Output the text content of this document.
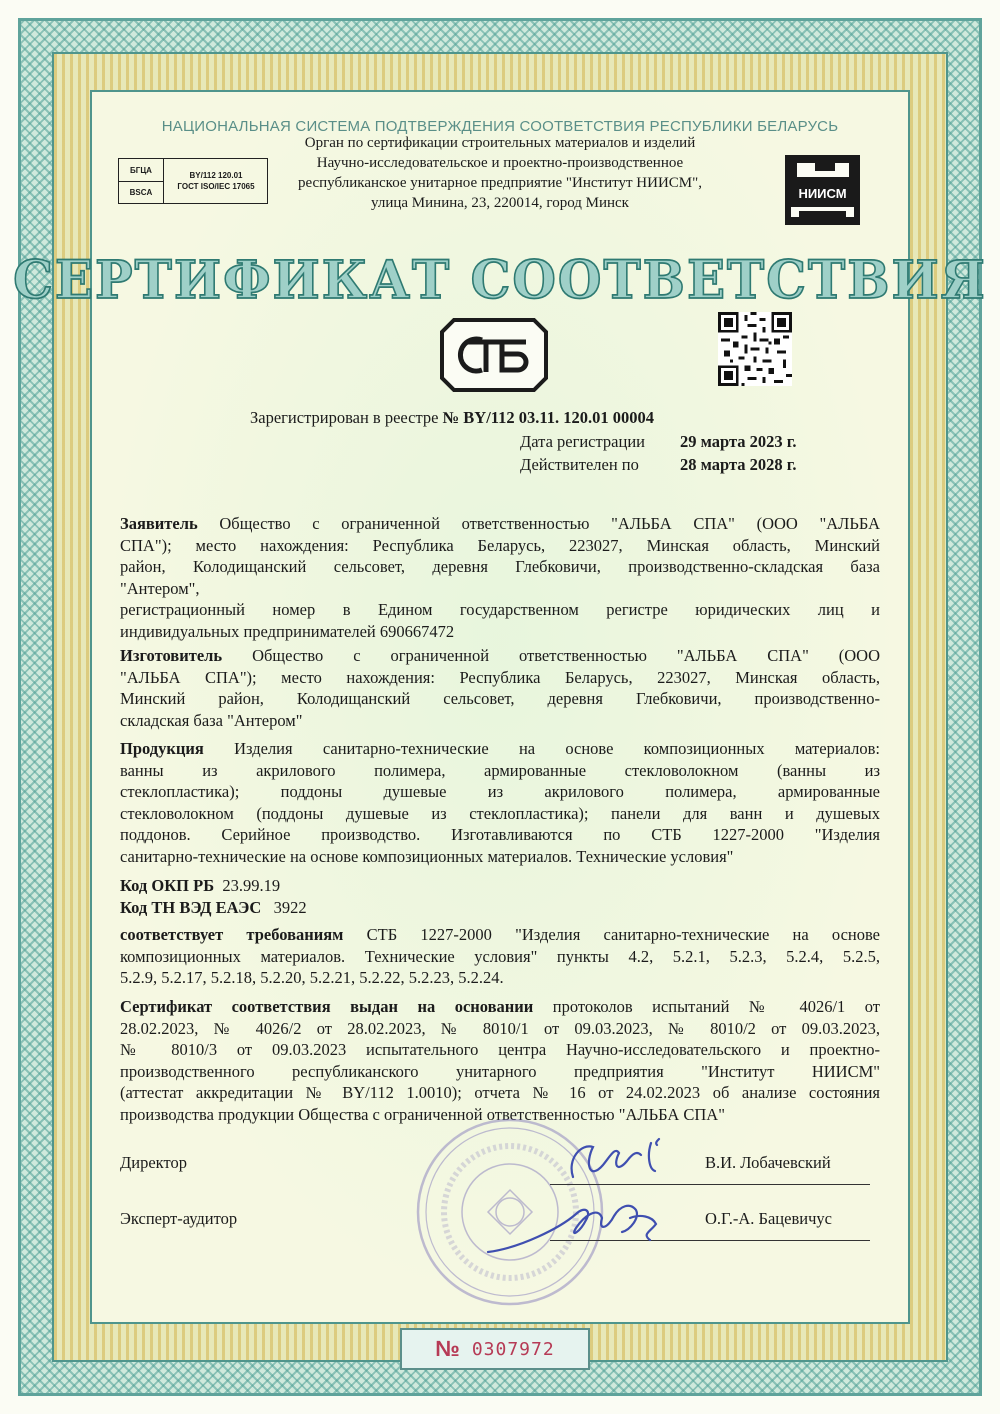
НАЦИОНАЛЬНАЯ СИСТЕМА ПОДТВЕРЖДЕНИЯ СООТВЕТСТВИЯ РЕСПУБЛИКИ БЕЛАРУСЬ
Орган по сертификации строительных материалов и изделий
Научно-исследовательское и проектно-производственное
республиканское унитарное предприятие "Институт НИИСМ",
улица Минина, 23, 220014, город Минск
БГЦА
BSCA
BY/112 120.01
ГОСТ ISO/IEC 17065	НИИСМ
СЕРТИФИКАТ СООТВЕТСТВИЯ
Зарегистрирован в реестре № BY/112 03.11. 120.01 00004
Дата регистрации 29 марта 2023 г.
Действителен по 28 марта 2028 г.
Заявитель Общество с ограниченной ответственностью "АЛЬБА СПА" (ООО "АЛЬБА
СПА"); место нахождения: Республика Беларусь, 223027, Минская область, Минский
район, Колодищанский сельсовет, деревня Глебковичи, производственно-складская база
"Антером",
регистрационный номер в Едином государственном регистре юридических лиц и
индивидуальных предпринимателей 690667472
Изготовитель Общество с ограниченной ответственностью "АЛЬБА СПА" (ООО
"АЛЬБА СПА"); место нахождения: Республика Беларусь, 223027, Минская область,
Минский район, Колодищанский сельсовет, деревня Глебковичи, производственно-
складская база "Антером"
Продукция Изделия санитарно-технические на основе композиционных материалов:
ванны из акрилового полимера, армированные стекловолокном (ванны из
стеклопластика); поддоны душевые из акрилового полимера, армированные
стекловолокном (поддоны душевые из стеклопластика); панели для ванн и душевых
поддонов. Серийное производство. Изготавливаются по СТБ 1227-2000 "Изделия
санитарно-технические на основе композиционных материалов. Технические условия"
Код ОКП РБ 23.99.19
Код ТН ВЭД ЕАЭС 3922
соответствует требованиям СТБ 1227-2000 "Изделия санитарно-технические на основе
композиционных материалов. Технические условия" пункты 4.2, 5.2.1, 5.2.3, 5.2.4, 5.2.5,
5.2.9, 5.2.17, 5.2.18, 5.2.20, 5.2.21, 5.2.22, 5.2.23, 5.2.24.
Сертификат соответствия выдан на основании протоколов испытаний № 4026/1 от
28.02.2023, № 4026/2 от 28.02.2023, № 8010/1 от 09.03.2023, № 8010/2 от 09.03.2023,
№ 8010/3 от 09.03.2023 испытательного центра Научно-исследовательского и проектно-
производственного республиканского унитарного предприятия "Институт НИИСМ"
(аттестат аккредитации № BY/112 1.0010); отчета № 16 от 24.02.2023 об анализе состояния
производства продукции Общества с ограниченной ответственностью "АЛЬБА СПА"
Директор	В.И. Лобачевский
Эксперт-аудитор	О.Г.-А. Бацевичус
№ 0307972
